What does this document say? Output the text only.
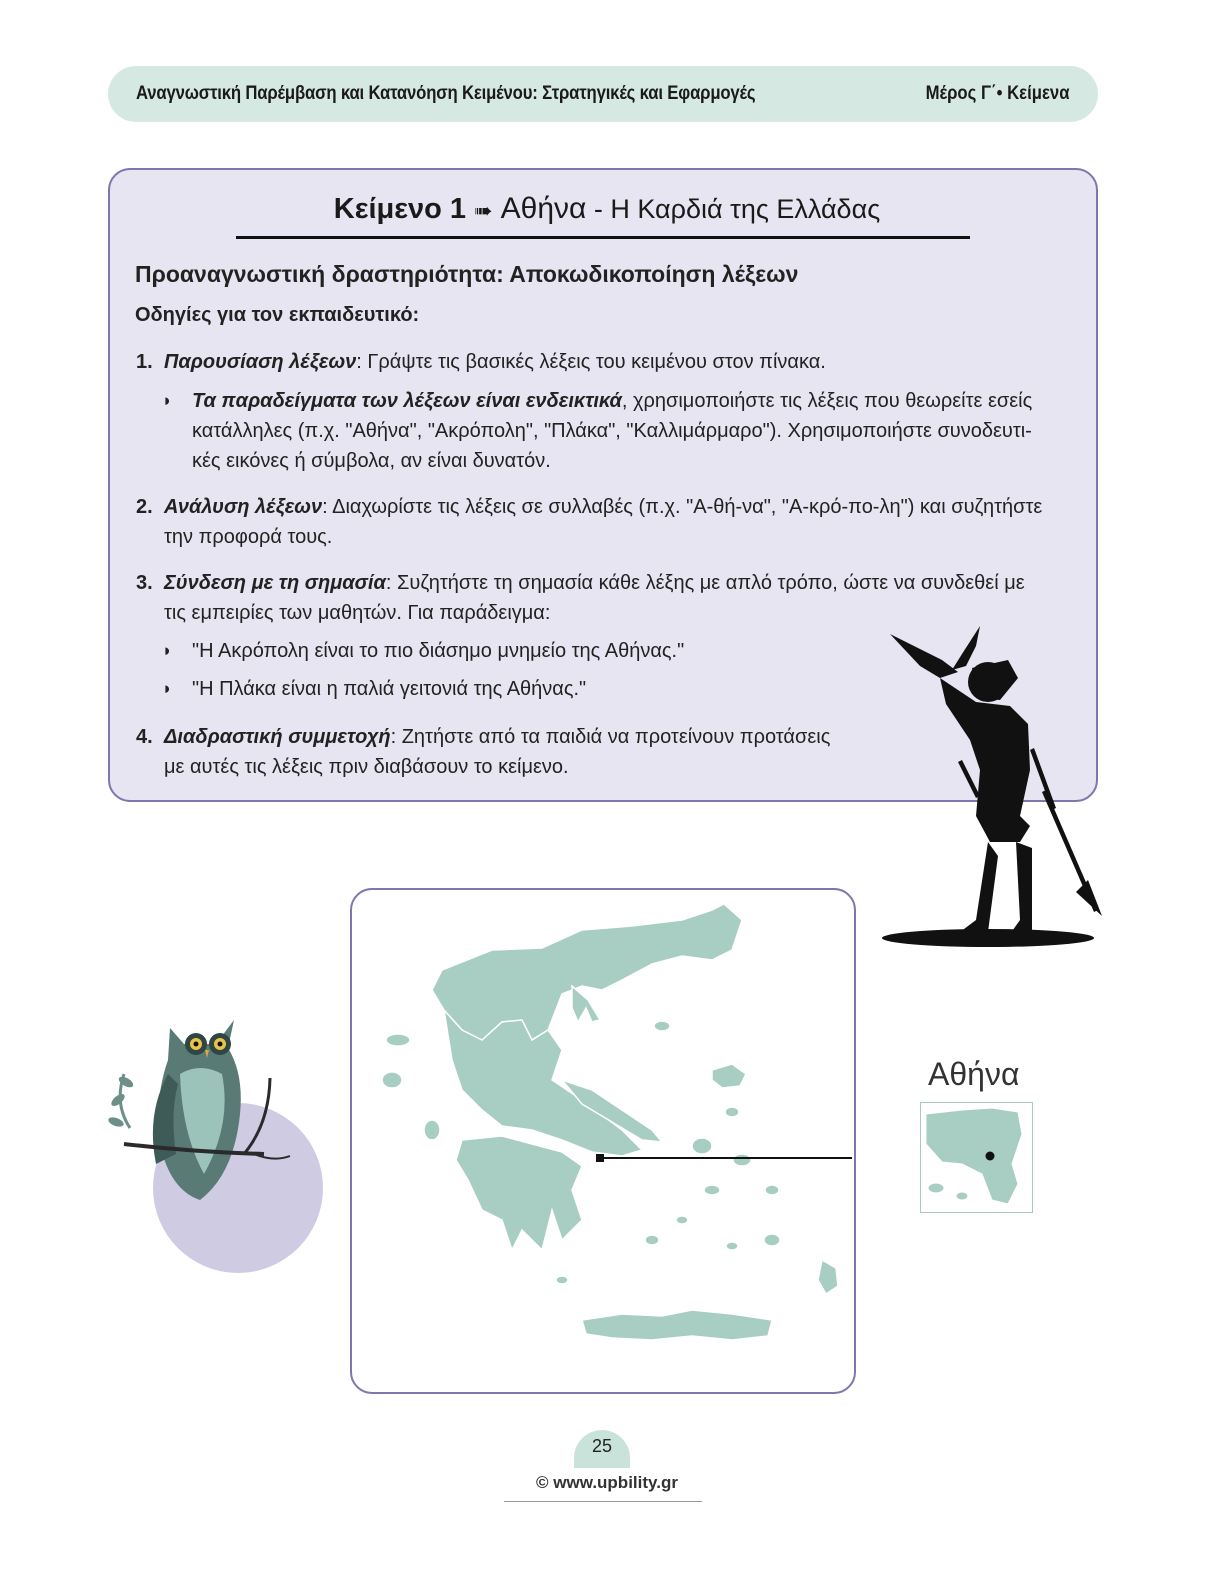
Αναγνωστική Παρέμβαση και Κατανόηση Κειμένου: Στρατηγικές και Εφαρμογές	Μέρος Γ΄• Κείμενα
Κείμενο 1 ➠ Αθήνα - Η Καρδιά της Ελλάδας
Προαναγνωστική δραστηριότητα: Αποκωδικοποίηση λέξεων
Οδηγίες για τον εκπαιδευτικό:
1. Παρουσίαση λέξεων: Γράψτε τις βασικές λέξεις του κειμένου στον πίνακα.
◗ Τα παραδείγματα των λέξεων είναι ενδεικτικά, χρησιμοποιήστε τις λέξεις που θεωρείτε εσείς
κατάλληλες (π.χ. "Αθήνα", "Ακρόπολη", "Πλάκα", "Καλλιμάρμαρο"). Χρησιμοποιήστε συνοδευτι-
κές εικόνες ή σύμβολα, αν είναι δυνατόν.
2. Ανάλυση λέξεων: Διαχωρίστε τις λέξεις σε συλλαβές (π.χ. "Α-θή-να", "Α-κρό-πο-λη") και συζητήστε
την προφορά τους.
3. Σύνδεση με τη σημασία: Συζητήστε τη σημασία κάθε λέξης με απλό τρόπο, ώστε να συνδεθεί με
τις εμπειρίες των μαθητών. Για παράδειγμα:
◗ "Η Ακρόπολη είναι το πιο διάσημο μνημείο της Αθήνας."
◗ "Η Πλάκα είναι η παλιά γειτονιά της Αθήνας."
4. Διαδραστική συμμετοχή: Ζητήστε από τα παιδιά να προτείνουν προτάσεις
με αυτές τις λέξεις πριν διαβάσουν το κείμενο.
Αθήνα
25
© www.upbility.gr
